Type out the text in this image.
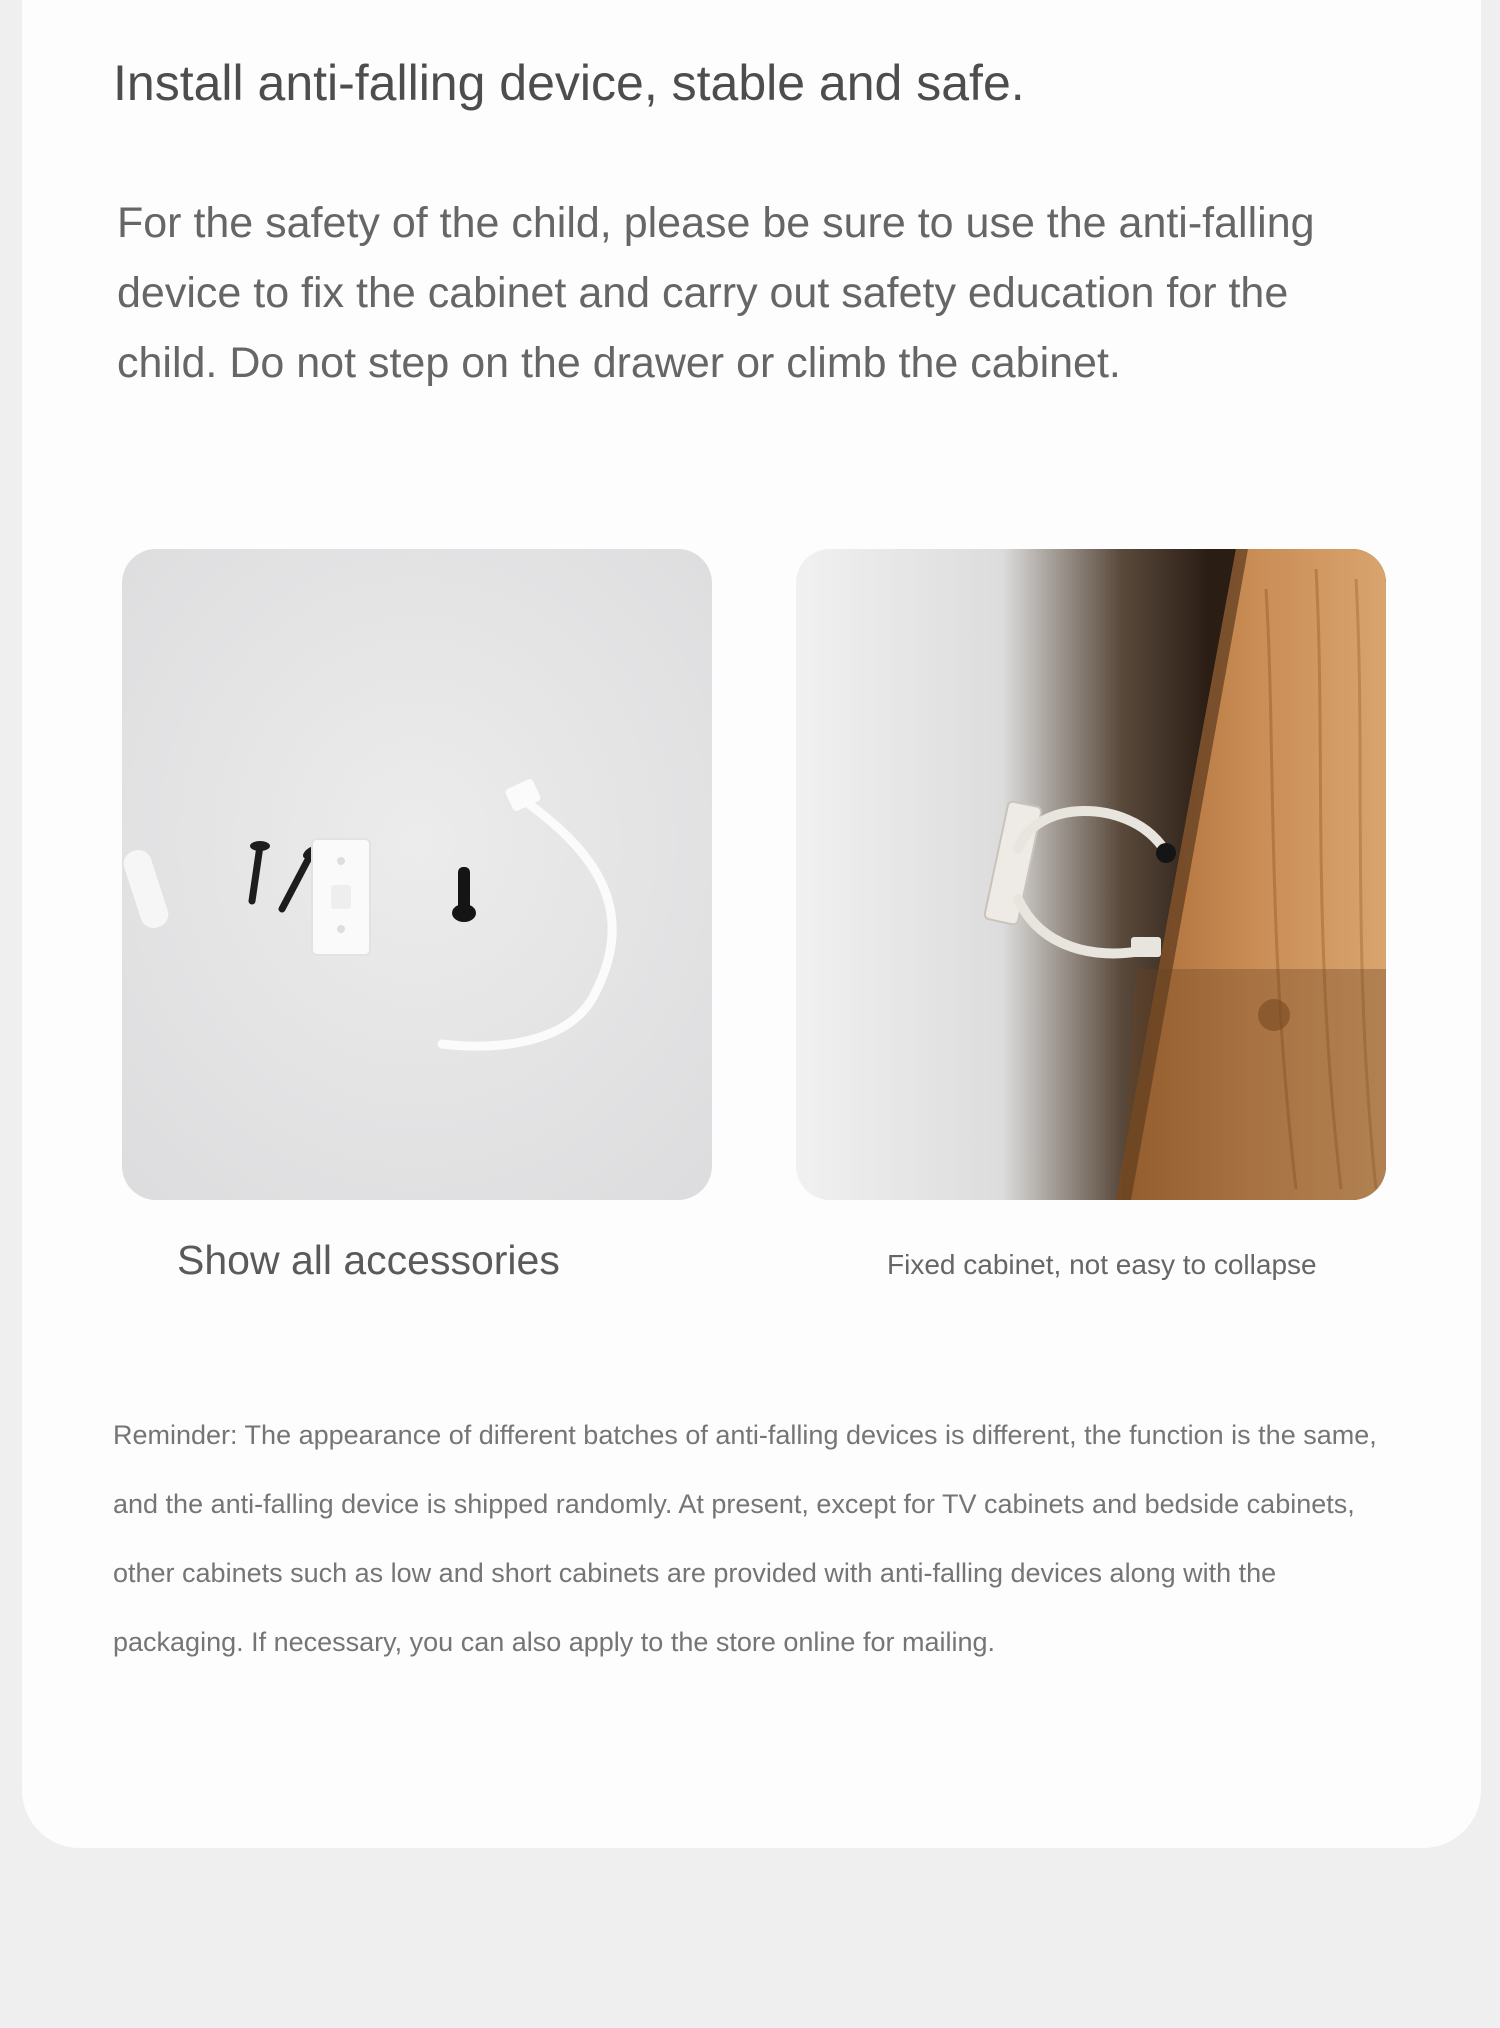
Install anti-falling device, stable and safe.

For the safety of the child, please be sure to use the anti-falling device to fix the cabinet and carry out safety education for the child. Do not step on the drawer or climb the cabinet.

Show all accessories	Fixed cabinet, not easy to collapse

Reminder: The appearance of different batches of anti-falling devices is different, the function is the same, and the anti-falling device is shipped randomly. At present, except for TV cabinets and bedside cabinets, other cabinets such as low and short cabinets are provided with anti-falling devices along with the packaging. If necessary, you can also apply to the store online for mailing.
